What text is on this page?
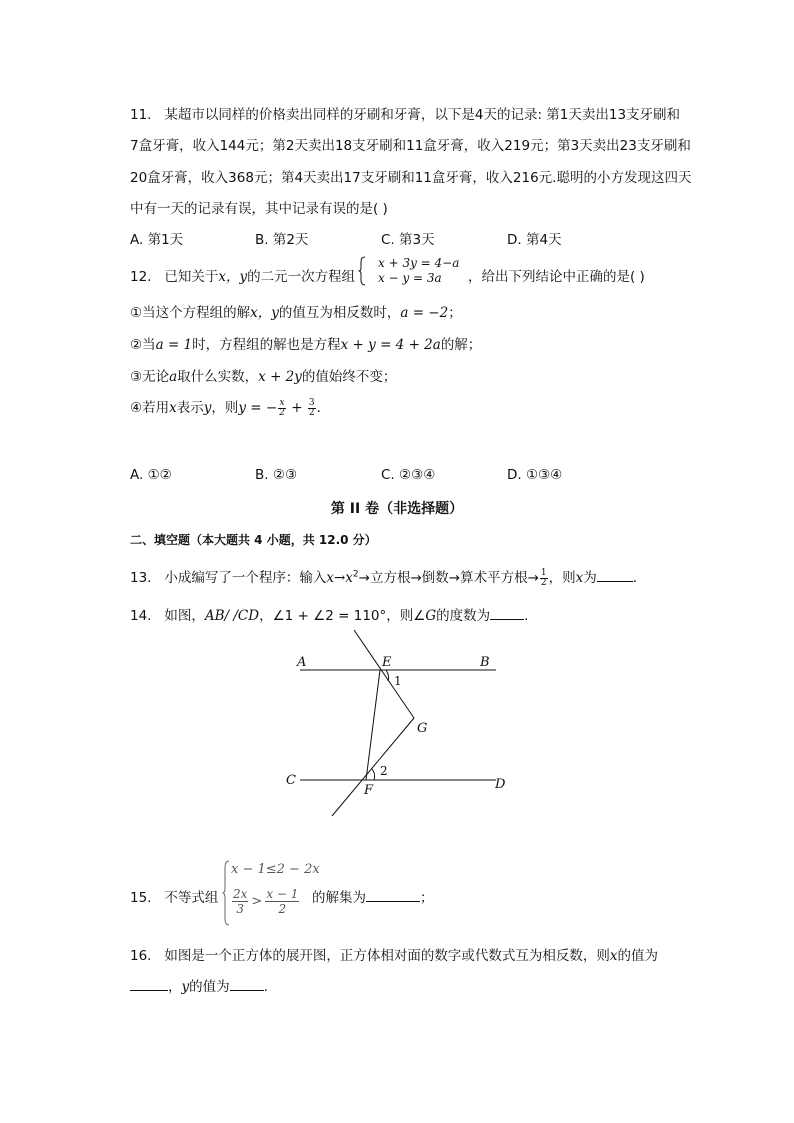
11. 某超市以同样的价格卖出同样的牙刷和牙膏，以下是4天的记录: 第1天卖出13支牙刷和
7盒牙膏，收入144元；第2天卖出18支牙刷和11盒牙膏，收入219元；第3天卖出23支牙刷和
20盒牙膏，收入368元；第4天卖出17支牙刷和11盒牙膏，收入216元.聪明的小方发现这四天
中有一天的记录有误，其中记录有误的是( )
A. 第1天	B. 第2天	C. 第3天	D. 第4天
12. 已知关于x，y的二元一次方程组
x + 3y = 4−a
x − y = 3a ，给出下列结论中正确的是( )
①当这个方程组的解x，y的值互为相反数时，a = −2；
②当a = 1时，方程组的解也是方程x + y = 4 + 2a的解；
③无论a取什么实数，x + 2y的值始终不变；
④若用x表示y，则y = − $\frac{x}{2} + \frac{3}{2}$ .
A. ①②	B. ②③	C. ②③④	D. ①③④
第 II 卷（非选择题）
二、填空题（本大题共 4 小题，共 12.0 分）
13. 小成编写了一个程序：输入$x\to x^2\to$立方根→倒数→算术平方根→ $\frac{1}{2}$ ，则x为	.
14. 如图，AB/ /CD，∠1 + ∠2 = 110°，则∠G的度数为	.
A	E	B
G
C
F	D
1
2
15. 不等式组
x − 1≤2 − 2x
$\frac{2x}{3} > \frac{x - 1}{2}$ 的解集为	；
16. 如图是一个正方体的展开图，正方体相对面的数字或代数式互为相反数，则x的值为
，y的值为	.
